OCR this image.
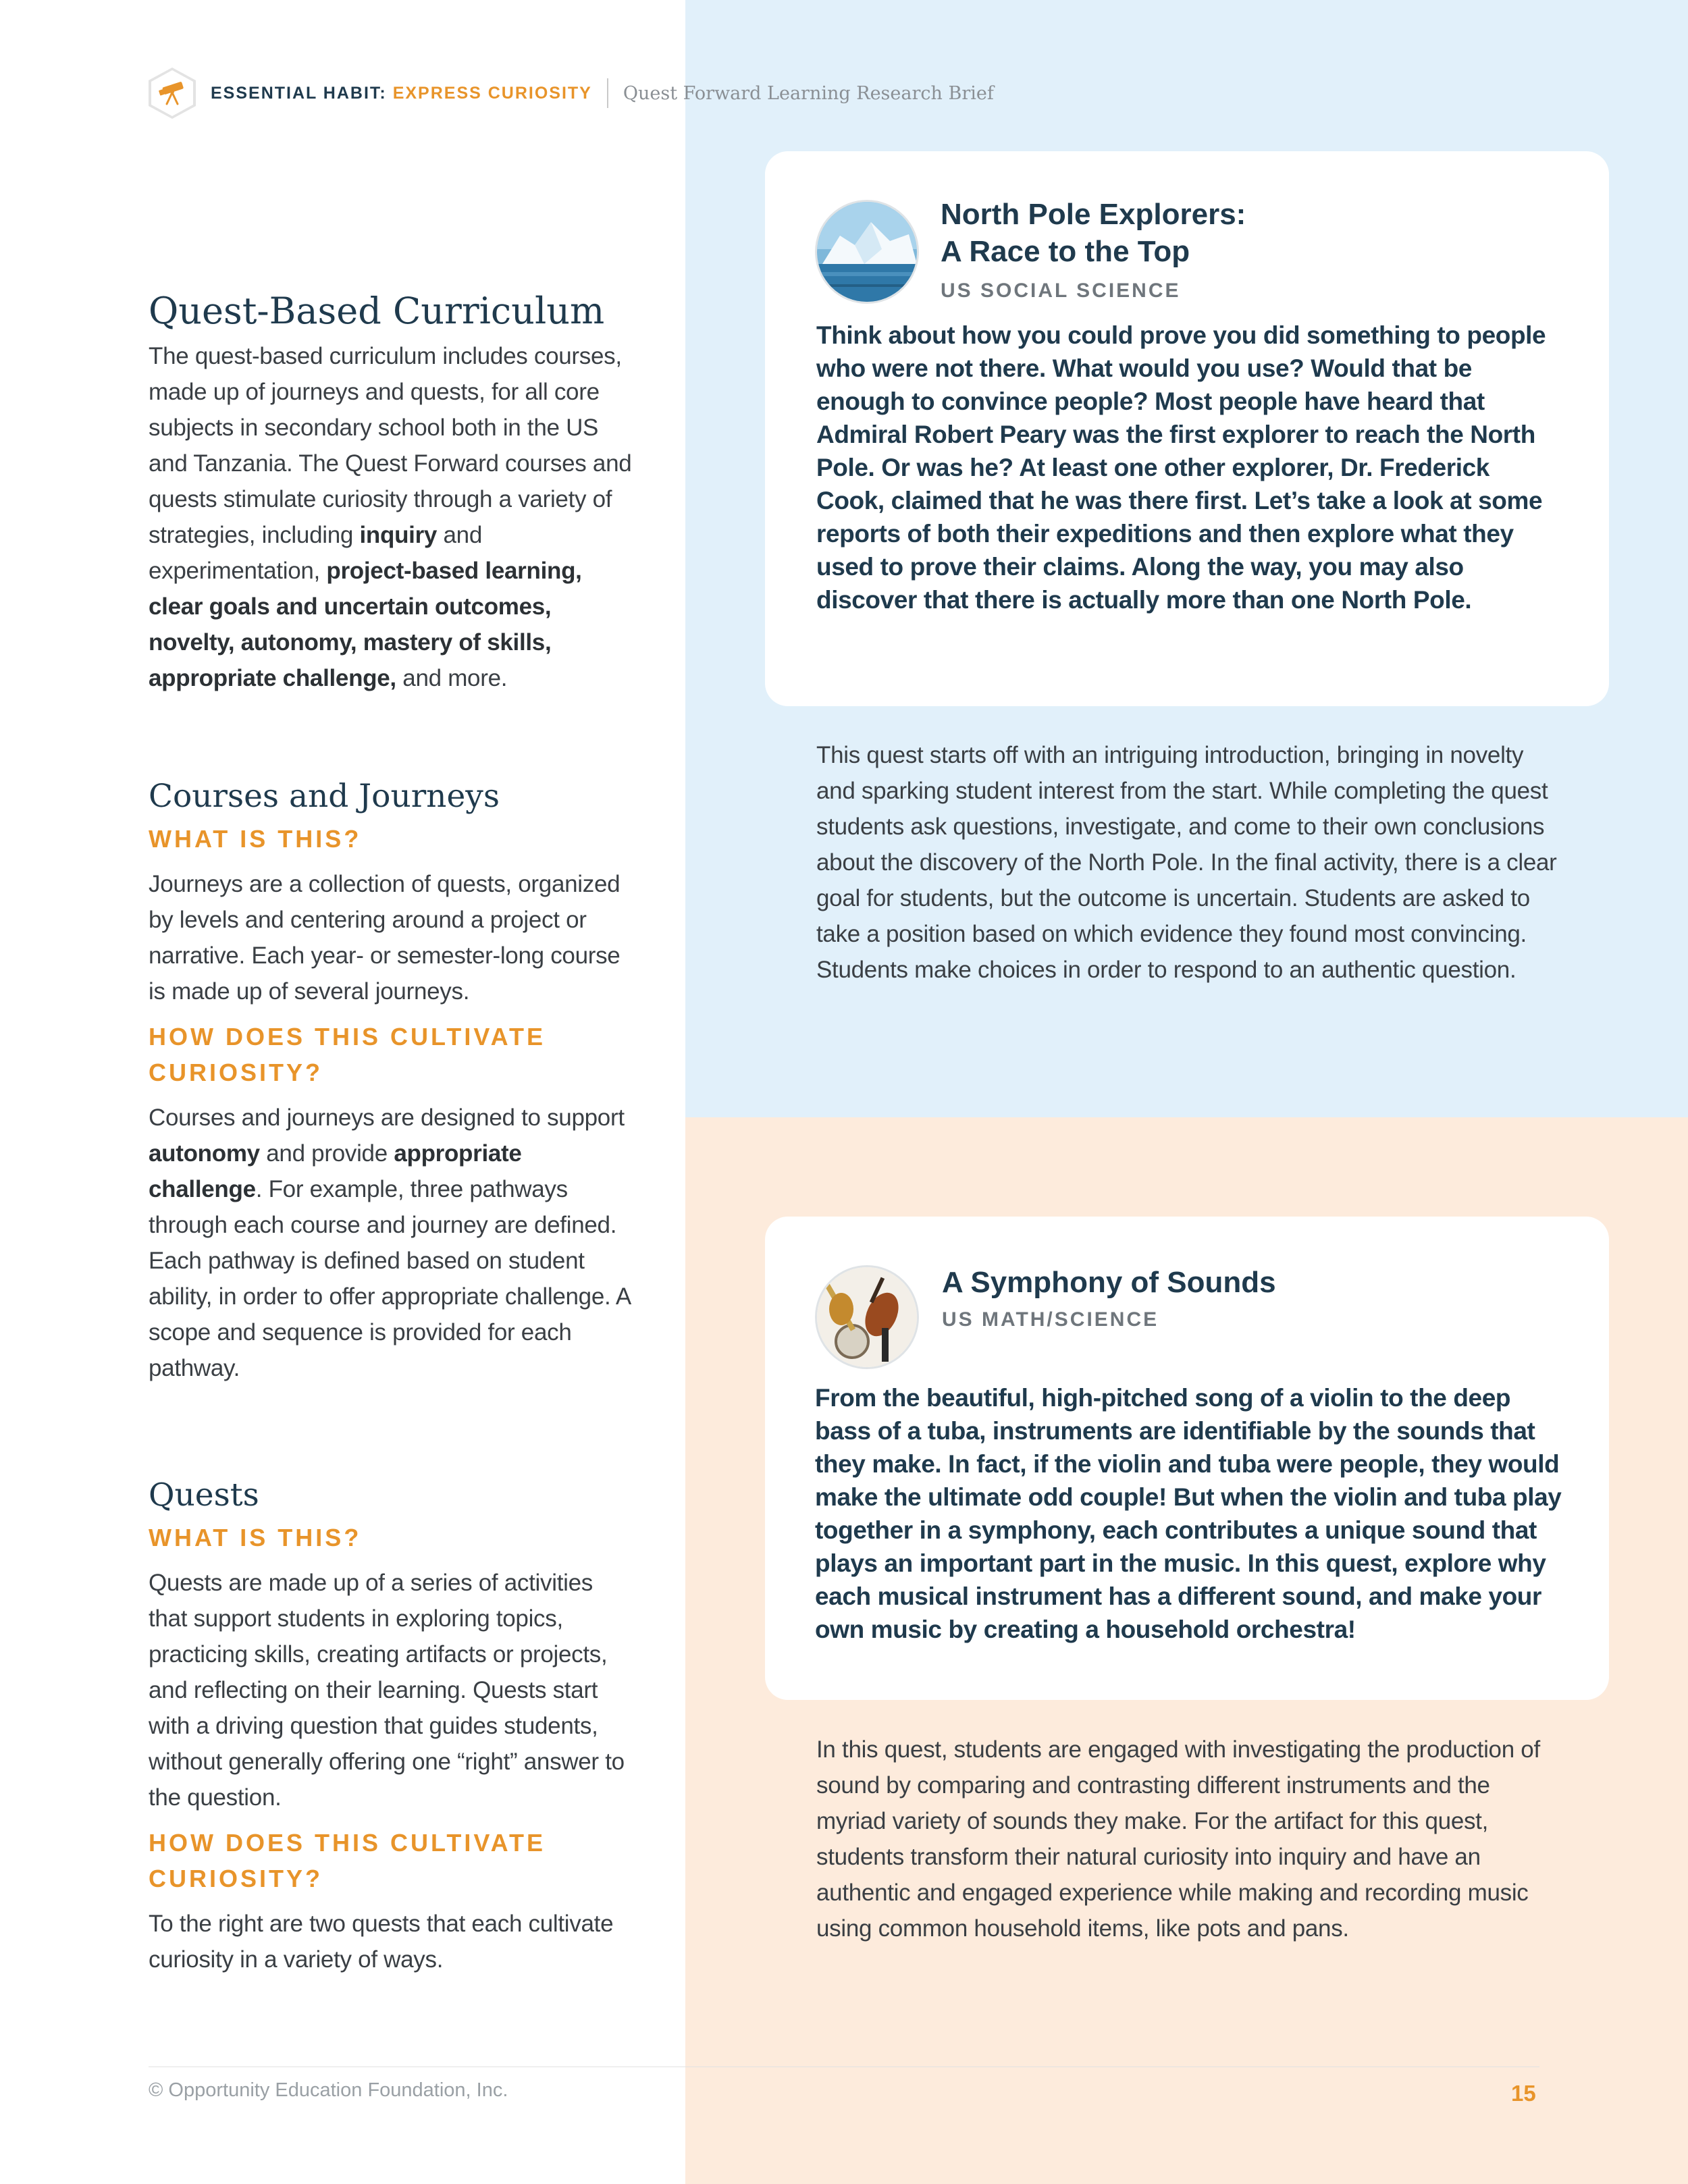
ESSENTIAL HABIT: EXPRESS CURIOSITY Quest Forward Learning Research Brief
Quest-Based Curriculum

The quest-based curriculum includes courses, made up of journeys and quests, for all core subjects in secondary school both in the US and Tanzania. The Quest Forward courses and quests stimulate curiosity through a variety of strategies, including inquiry and experimentation, project-based learning, clear goals and uncertain outcomes, novelty, autonomy, mastery of skills, appropriate challenge, and more.

Courses and Journeys

WHAT IS THIS?

Journeys are a collection of quests, organized by levels and centering around a project or narrative. Each year- or semester-long course is made up of several journeys.

HOW DOES THIS CULTIVATE CURIOSITY?

Courses and journeys are designed to support autonomy and provide appropriate challenge. For example, three pathways through each course and journey are defined. Each pathway is defined based on student ability, in order to offer appropriate challenge. A scope and sequence is provided for each pathway.

Quests

WHAT IS THIS?

Quests are made up of a series of activities that support students in exploring topics, practicing skills, creating artifacts or projects, and reflecting on their learning. Quests start with a driving question that guides students, without generally offering one “right” answer to the question.

HOW DOES THIS CULTIVATE CURIOSITY?

To the right are two quests that each cultivate curiosity in a variety of ways.

North Pole Explorers:
A Race to the Top

US SOCIAL SCIENCE

Think about how you could prove you did something to people who were not there. What would you use? Would that be enough to convince people? Most people have heard that Admiral Robert Peary was the first explorer to reach the North Pole. Or was he? At least one other explorer, Dr. Frederick Cook, claimed that he was there first. Let’s take a look at some reports of both their expeditions and then explore what they used to prove their claims. Along the way, you may also discover that there is actually more than one North Pole.

This quest starts off with an intriguing introduction, bringing in novelty and sparking student interest from the start. While completing the quest students ask questions, investigate, and come to their own conclusions about the discovery of the North Pole. In the final activity, there is a clear goal for students, but the outcome is uncertain. Students are asked to take a position based on which evidence they found most convincing. Students make choices in order to respond to an authentic question.

A Symphony of Sounds

US MATH/SCIENCE

From the beautiful, high-pitched song of a violin to the deep bass of a tuba, instruments are identifiable by the sounds that they make. In fact, if the violin and tuba were people, they would make the ultimate odd couple! But when the violin and tuba play together in a symphony, each contributes a unique sound that plays an important part in the music. In this quest, explore why each musical instrument has a different sound, and make your own music by creating a household orchestra!

In this quest, students are engaged with investigating the production of sound by comparing and contrasting different instruments and the myriad variety of sounds they make. For the artifact for this quest, students transform their natural curiosity into inquiry and have an authentic and engaged experience while making and recording music using common household items, like pots and pans.

© Opportunity Education Foundation, Inc.	15
